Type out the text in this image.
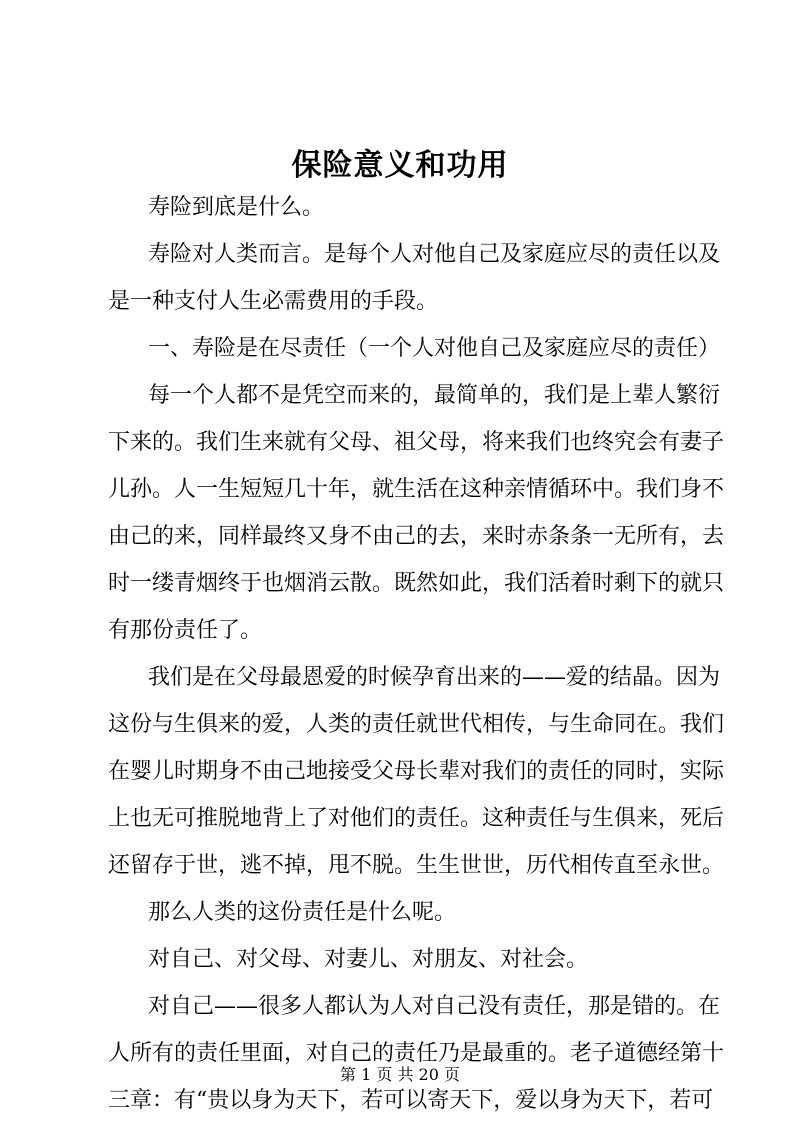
保险意义和功用

寿险到底是什么。

寿险对人类而言。是每个人对他自己及家庭应尽的责任以及
是一种支付人生必需费用的手段。

一、寿险是在尽责任（一个人对他自己及家庭应尽的责任）

每一个人都不是凭空而来的，最简单的，我们是上辈人繁衍
下来的。我们生来就有父母、祖父母，将来我们也终究会有妻子
儿孙。人一生短短几十年，就生活在这种亲情循环中。我们身不
由己的来，同样最终又身不由己的去，来时赤条条一无所有，去
时一缕青烟终于也烟消云散。既然如此，我们活着时剩下的就只
有那份责任了。

我们是在父母最恩爱的时候孕育出来的——爱的结晶。因为
这份与生俱来的爱，人类的责任就世代相传，与生命同在。我们
在婴儿时期身不由己地接受父母长辈对我们的责任的同时，实际
上也无可推脱地背上了对他们的责任。这种责任与生俱来，死后
还留存于世，逃不掉，甩不脱。生生世世，历代相传直至永世。

那么人类的这份责任是什么呢。

对自己、对父母、对妻儿、对朋友、对社会。

对自己——很多人都认为人对自己没有责任，那是错的。在
人所有的责任里面，对自己的责任乃是最重的。老子道德经第十
三章：有“贵以身为天下，若可以寄天下，爱以身为天下，若可

第 1 页 共 20 页
